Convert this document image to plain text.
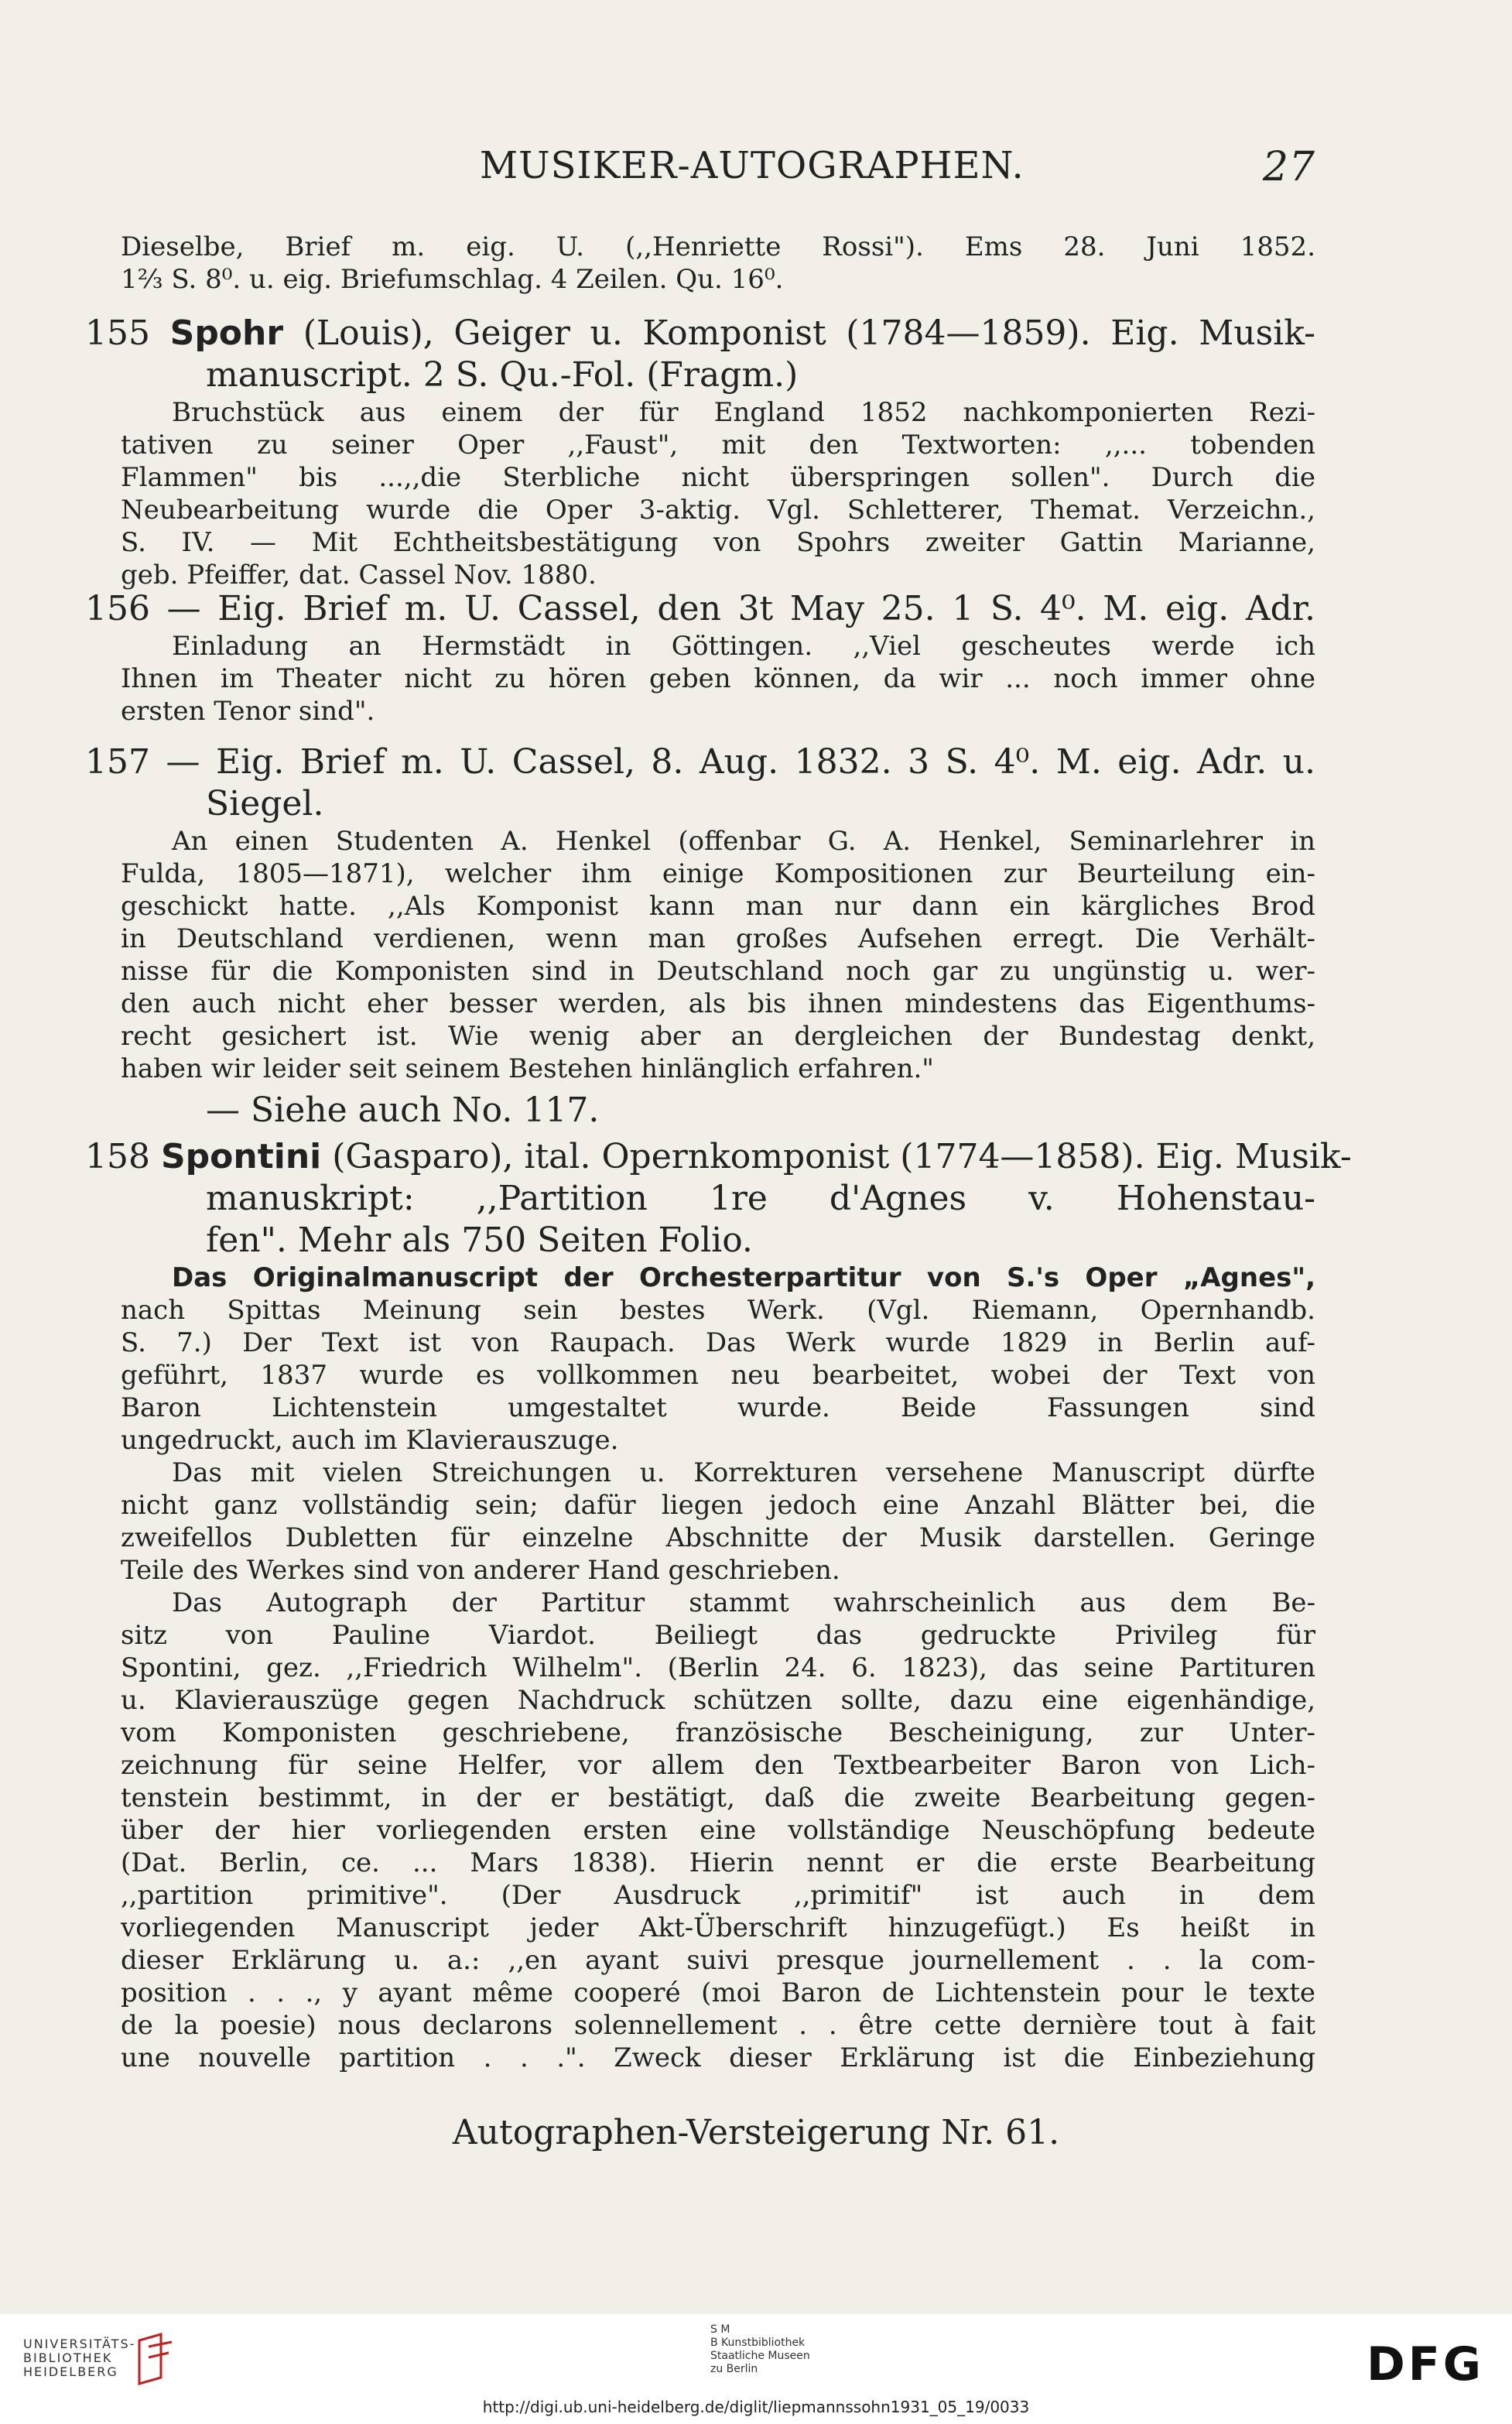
MUSIKER-AUTOGRAPHEN.	27
Dieselbe, Brief m. eig. U. (,,Henriette Rossi"). Ems 28. Juni 1852.
1⅔ S. 8⁰. u. eig. Briefumschlag. 4 Zeilen. Qu. 16⁰.
155 Spohr (Louis), Geiger u. Komponist (1784—1859). Eig. Musik-
manuscript. 2 S. Qu.-Fol. (Fragm.)
Bruchstück aus einem der für England 1852 nachkomponierten Rezi-
tativen zu seiner Oper ,,Faust", mit den Textworten: ,,... tobenden
Flammen" bis ...,,die Sterbliche nicht überspringen sollen". Durch die
Neubearbeitung wurde die Oper 3-aktig. Vgl. Schletterer, Themat. Verzeichn.,
S. IV. — Mit Echtheitsbestätigung von Spohrs zweiter Gattin Marianne,
geb. Pfeiffer, dat. Cassel Nov. 1880.
156 — Eig. Brief m. U. Cassel, den 3t May 25. 1 S. 4⁰. M. eig. Adr.
Einladung an Hermstädt in Göttingen. ,,Viel gescheutes werde ich
Ihnen im Theater nicht zu hören geben können, da wir ... noch immer ohne
ersten Tenor sind".
157 — Eig. Brief m. U. Cassel, 8. Aug. 1832. 3 S. 4⁰. M. eig. Adr. u.
Siegel.
An einen Studenten A. Henkel (offenbar G. A. Henkel, Seminarlehrer in
Fulda, 1805—1871), welcher ihm einige Kompositionen zur Beurteilung ein-
geschickt hatte. ,,Als Komponist kann man nur dann ein kärgliches Brod
in Deutschland verdienen, wenn man großes Aufsehen erregt. Die Verhält-
nisse für die Komponisten sind in Deutschland noch gar zu ungünstig u. wer-
den auch nicht eher besser werden, als bis ihnen mindestens das Eigenthums-
recht gesichert ist. Wie wenig aber an dergleichen der Bundestag denkt,
haben wir leider seit seinem Bestehen hinlänglich erfahren."
— Siehe auch No. 117.
158 Spontini (Gasparo), ital. Opernkomponist (1774—1858). Eig. Musik-
manuskript: ,,Partition 1re d'Agnes v. Hohenstau-
fen". Mehr als 750 Seiten Folio.
Das Originalmanuscript der Orchesterpartitur von S.'s Oper „Agnes",
nach Spittas Meinung sein bestes Werk. (Vgl. Riemann, Opernhandb.
S. 7.) Der Text ist von Raupach. Das Werk wurde 1829 in Berlin auf-
geführt, 1837 wurde es vollkommen neu bearbeitet, wobei der Text von
Baron Lichtenstein umgestaltet wurde. Beide Fassungen sind
ungedruckt, auch im Klavierauszuge.
Das mit vielen Streichungen u. Korrekturen versehene Manuscript dürfte
nicht ganz vollständig sein; dafür liegen jedoch eine Anzahl Blätter bei, die
zweifellos Dubletten für einzelne Abschnitte der Musik darstellen. Geringe
Teile des Werkes sind von anderer Hand geschrieben.
Das Autograph der Partitur stammt wahrscheinlich aus dem Be-
sitz von Pauline Viardot. Beiliegt das gedruckte Privileg für
Spontini, gez. ,,Friedrich Wilhelm". (Berlin 24. 6. 1823), das seine Partituren
u. Klavierauszüge gegen Nachdruck schützen sollte, dazu eine eigenhändige,
vom Komponisten geschriebene, französische Bescheinigung, zur Unter-
zeichnung für seine Helfer, vor allem den Textbearbeiter Baron von Lich-
tenstein bestimmt, in der er bestätigt, daß die zweite Bearbeitung gegen-
über der hier vorliegenden ersten eine vollständige Neuschöpfung bedeute
(Dat. Berlin, ce. ... Mars 1838). Hierin nennt er die erste Bearbeitung
,,partition primitive". (Der Ausdruck ,,primitif" ist auch in dem
vorliegenden Manuscript jeder Akt-Überschrift hinzugefügt.) Es heißt in
dieser Erklärung u. a.: ,,en ayant suivi presque journellement . . la com-
position . . ., y ayant même cooperé (moi Baron de Lichtenstein pour le texte
de la poesie) nous declarons solennellement . . être cette dernière tout à fait
une nouvelle partition . . .". Zweck dieser Erklärung ist die Einbeziehung
Autographen-Versteigerung Nr. 61.
UNIVERSITÄTS-
BIBLIOTHEK
HEIDELBERG
S M
B Kunstbibliothek
Staatliche Museen
zu Berlin	DFG
http://digi.ub.uni-heidelberg.de/diglit/liepmannssohn1931_05_19/0033
